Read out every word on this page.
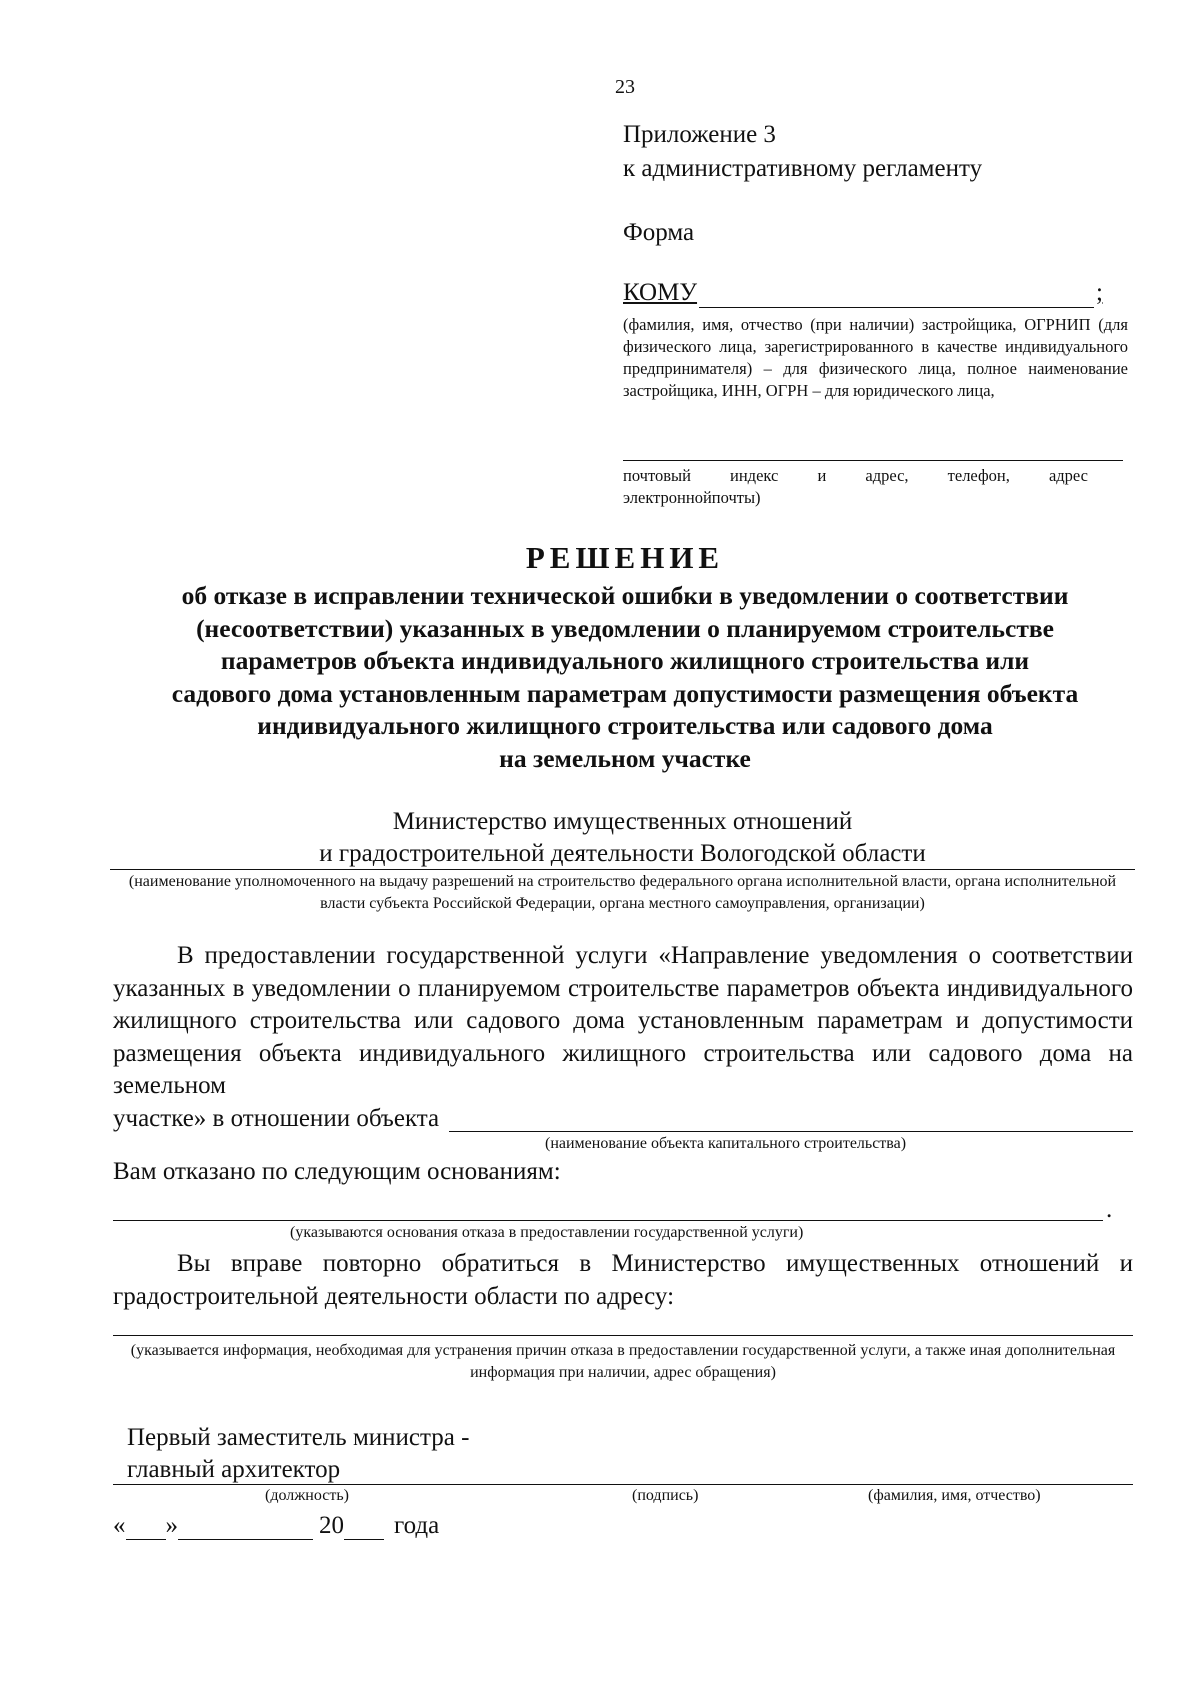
23
Приложение 3
к административному регламенту
Форма
КОМУ	;
(фамилия, имя, отчество (при наличии) застройщика, ОГРНИП (для физического лица, зарегистрированного в качестве индивидуального предпринимателя) – для физического лица, полное наименование застройщика, ИНН, ОГРН – для юридического лица,
почтовый индекс и адрес, телефон, адрес
электроннойпочты)
РЕШЕНИЕ
об отказе в исправлении технической ошибки в уведомлении о соответствии
(несоответствии) указанных в уведомлении о планируемом строительстве
параметров объекта индивидуального жилищного строительства или
садового дома установленным параметрам допустимости размещения объекта
индивидуального жилищного строительства или садового дома
на земельном участке
Министерство имущественных отношений
и градостроительной деятельности Вологодской области
(наименование уполномоченного на выдачу разрешений на строительство федерального органа исполнительной власти, органа исполнительной власти субъекта Российской Федерации, органа местного самоуправления, организации)
В предоставлении государственной услуги «Направление уведомления о соответствии указанных в уведомлении о планируемом строительстве параметров объекта индивидуального жилищного строительства или садового дома установленным параметрам и допустимости размещения объекта индивидуального жилищного строительства или садового дома на земельном
участке» в отношении объекта
(наименование объекта капитального строительства)
Вам отказано по следующим основаниям:
.
(указываются основания отказа в предоставлении государственной услуги)
Вы вправе повторно обратиться в Министерство имущественных отношений и градостроительной деятельности области по адресу:
(указывается информация, необходимая для устранения причин отказа в предоставлении государственной услуги, а также иная дополнительная информация при наличии, адрес обращения)
Первый заместитель министра -
главный архитектор
(должность)	(подпись)	(фамилия, имя, отчество)
« »	20 года
